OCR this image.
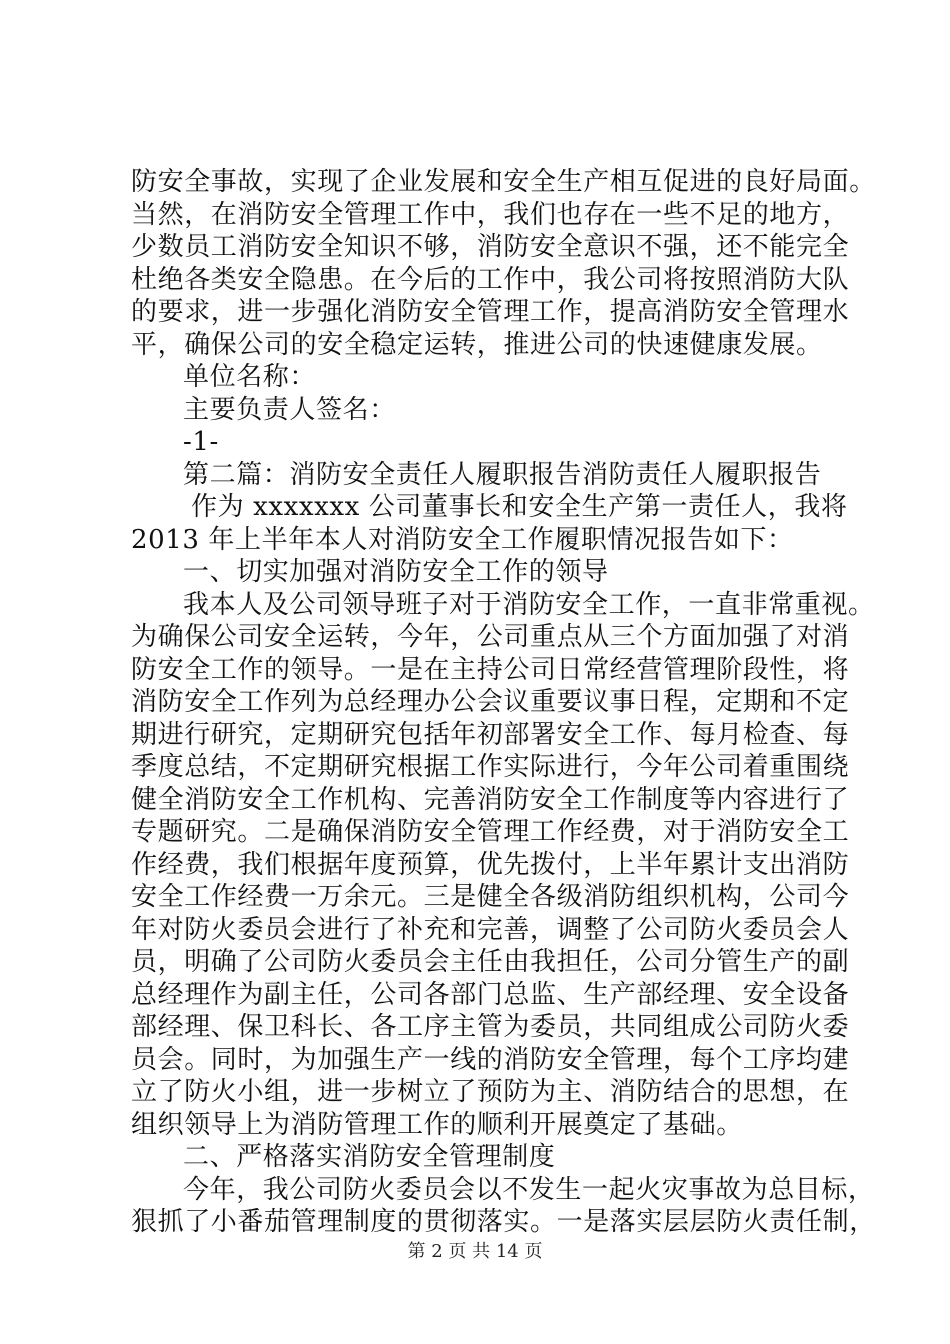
防安全事故，实现了企业发展和安全生产相互促进的良好局面。
当然，在消防安全管理工作中，我们也存在一些不足的地方，
少数员工消防安全知识不够，消防安全意识不强，还不能完全
杜绝各类安全隐患。在今后的工作中，我公司将按照消防大队
的要求，进一步强化消防安全管理工作，提高消防安全管理水
平，确保公司的安全稳定运转，推进公司的快速健康发展。
单位名称：
主要负责人签名：
-1-
第二篇：消防安全责任人履职报告消防责任人履职报告
作为 xxxxxxx 公司董事长和安全生产第一责任人，我将
2013 年上半年本人对消防安全工作履职情况报告如下：
一、切实加强对消防安全工作的领导
我本人及公司领导班子对于消防安全工作，一直非常重视。
为确保公司安全运转，今年，公司重点从三个方面加强了对消
防安全工作的领导。一是在主持公司日常经营管理阶段性，将
消防安全工作列为总经理办公会议重要议事日程，定期和不定
期进行研究，定期研究包括年初部署安全工作、每月检查、每
季度总结，不定期研究根据工作实际进行，今年公司着重围绕
健全消防安全工作机构、完善消防安全工作制度等内容进行了
专题研究。二是确保消防安全管理工作经费，对于消防安全工
作经费，我们根据年度预算，优先拨付，上半年累计支出消防
安全工作经费一万余元。三是健全各级消防组织机构，公司今
年对防火委员会进行了补充和完善，调整了公司防火委员会人
员，明确了公司防火委员会主任由我担任，公司分管生产的副
总经理作为副主任，公司各部门总监、生产部经理、安全设备
部经理、保卫科长、各工序主管为委员，共同组成公司防火委
员会。同时，为加强生产一线的消防安全管理，每个工序均建
立了防火小组，进一步树立了预防为主、消防结合的思想，在
组织领导上为消防管理工作的顺利开展奠定了基础。
二、严格落实消防安全管理制度
今年，我公司防火委员会以不发生一起火灾事故为总目标，
狠抓了小番茄管理制度的贯彻落实。一是落实层层防火责任制，
第 2 页 共 14 页
